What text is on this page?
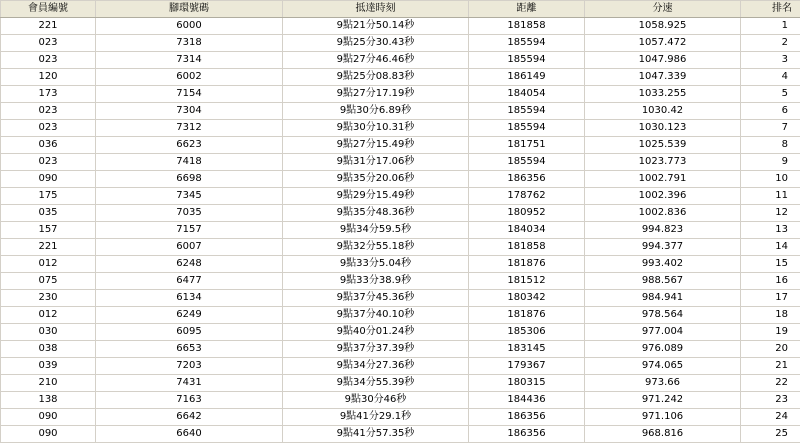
會員編號	腳環號碼	抵達時刻	距離	分速	排名
221	6000	9點21分50.14秒	181858	1058.925	1
023	7318	9點25分30.43秒	185594	1057.472	2
023	7314	9點27分46.46秒	185594	1047.986	3
120	6002	9點25分08.83秒	186149	1047.339	4
173	7154	9點27分17.19秒	184054	1033.255	5
023	7304	9點30分6.89秒	185594	1030.42	6
023	7312	9點30分10.31秒	185594	1030.123	7
036	6623	9點27分15.49秒	181751	1025.539	8
023	7418	9點31分17.06秒	185594	1023.773	9
090	6698	9點35分20.06秒	186356	1002.791	10
175	7345	9點29分15.49秒	178762	1002.396	11
035	7035	9點35分48.36秒	180952	1002.836	12
157	7157	9點34分59.5秒	184034	994.823	13
221	6007	9點32分55.18秒	181858	994.377	14
012	6248	9點33分5.04秒	181876	993.402	15
075	6477	9點33分38.9秒	181512	988.567	16
230	6134	9點37分45.36秒	180342	984.941	17
012	6249	9點37分40.10秒	181876	978.564	18
030	6095	9點40分01.24秒	185306	977.004	19
038	6653	9點37分37.39秒	183145	976.089	20
039	7203	9點34分27.36秒	179367	974.065	21
210	7431	9點34分55.39秒	180315	973.66	22
138	7163	9點30分46秒	184436	971.242	23
090	6642	9點41分29.1秒	186356	971.106	24
090	6640	9點41分57.35秒	186356	968.816	25
